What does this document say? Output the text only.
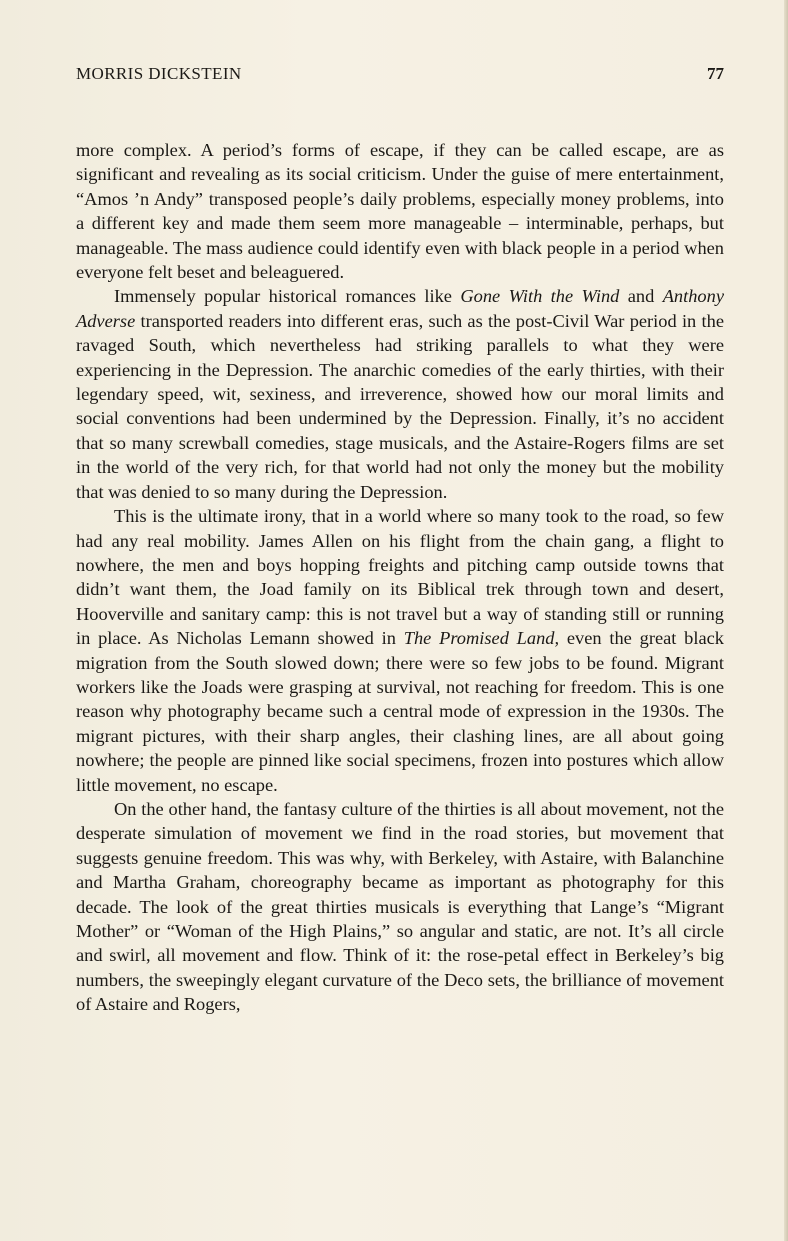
MORRIS DICKSTEIN	77

more complex. A period’s forms of escape, if they can be called escape, are as significant and revealing as its social criticism. Under the guise of mere entertainment, “Amos ’n Andy” transposed people’s daily problems, especially money problems, into a different key and made them seem more manageable – interminable, perhaps, but manageable. The mass audience could identify even with black people in a period when everyone felt beset and beleaguered.

Immensely popular historical romances like Gone With the Wind and Anthony Adverse transported readers into different eras, such as the post-Civil War period in the ravaged South, which nevertheless had striking parallels to what they were experiencing in the Depression. The anarchic comedies of the early thirties, with their legendary speed, wit, sexiness, and irreverence, showed how our moral limits and social conventions had been undermined by the Depression. Finally, it’s no accident that so many screwball comedies, stage musicals, and the Astaire-Rogers films are set in the world of the very rich, for that world had not only the money but the mobility that was denied to so many during the Depression.

This is the ultimate irony, that in a world where so many took to the road, so few had any real mobility. James Allen on his flight from the chain gang, a flight to nowhere, the men and boys hopping freights and pitching camp outside towns that didn’t want them, the Joad family on its Biblical trek through town and desert, Hooverville and sanitary camp: this is not travel but a way of standing still or running in place. As Nicholas Lemann showed in The Promised Land, even the great black migration from the South slowed down; there were so few jobs to be found. Migrant workers like the Joads were grasping at survival, not reaching for freedom. This is one reason why photography became such a central mode of expression in the 1930s. The migrant pictures, with their sharp angles, their clashing lines, are all about going nowhere; the people are pinned like social specimens, frozen into postures which allow little movement, no escape.

On the other hand, the fantasy culture of the thirties is all about movement, not the desperate simulation of movement we find in the road stories, but movement that suggests genuine freedom. This was why, with Berkeley, with Astaire, with Balanchine and Martha Graham, choreography became as important as photography for this decade. The look of the great thirties musicals is everything that Lange’s “Migrant Mother” or “Woman of the High Plains,” so angular and static, are not. It’s all circle and swirl, all movement and flow. Think of it: the rose-petal effect in Berkeley’s big numbers, the sweepingly elegant curvature of the Deco sets, the brilliance of movement of Astaire and Rogers,
